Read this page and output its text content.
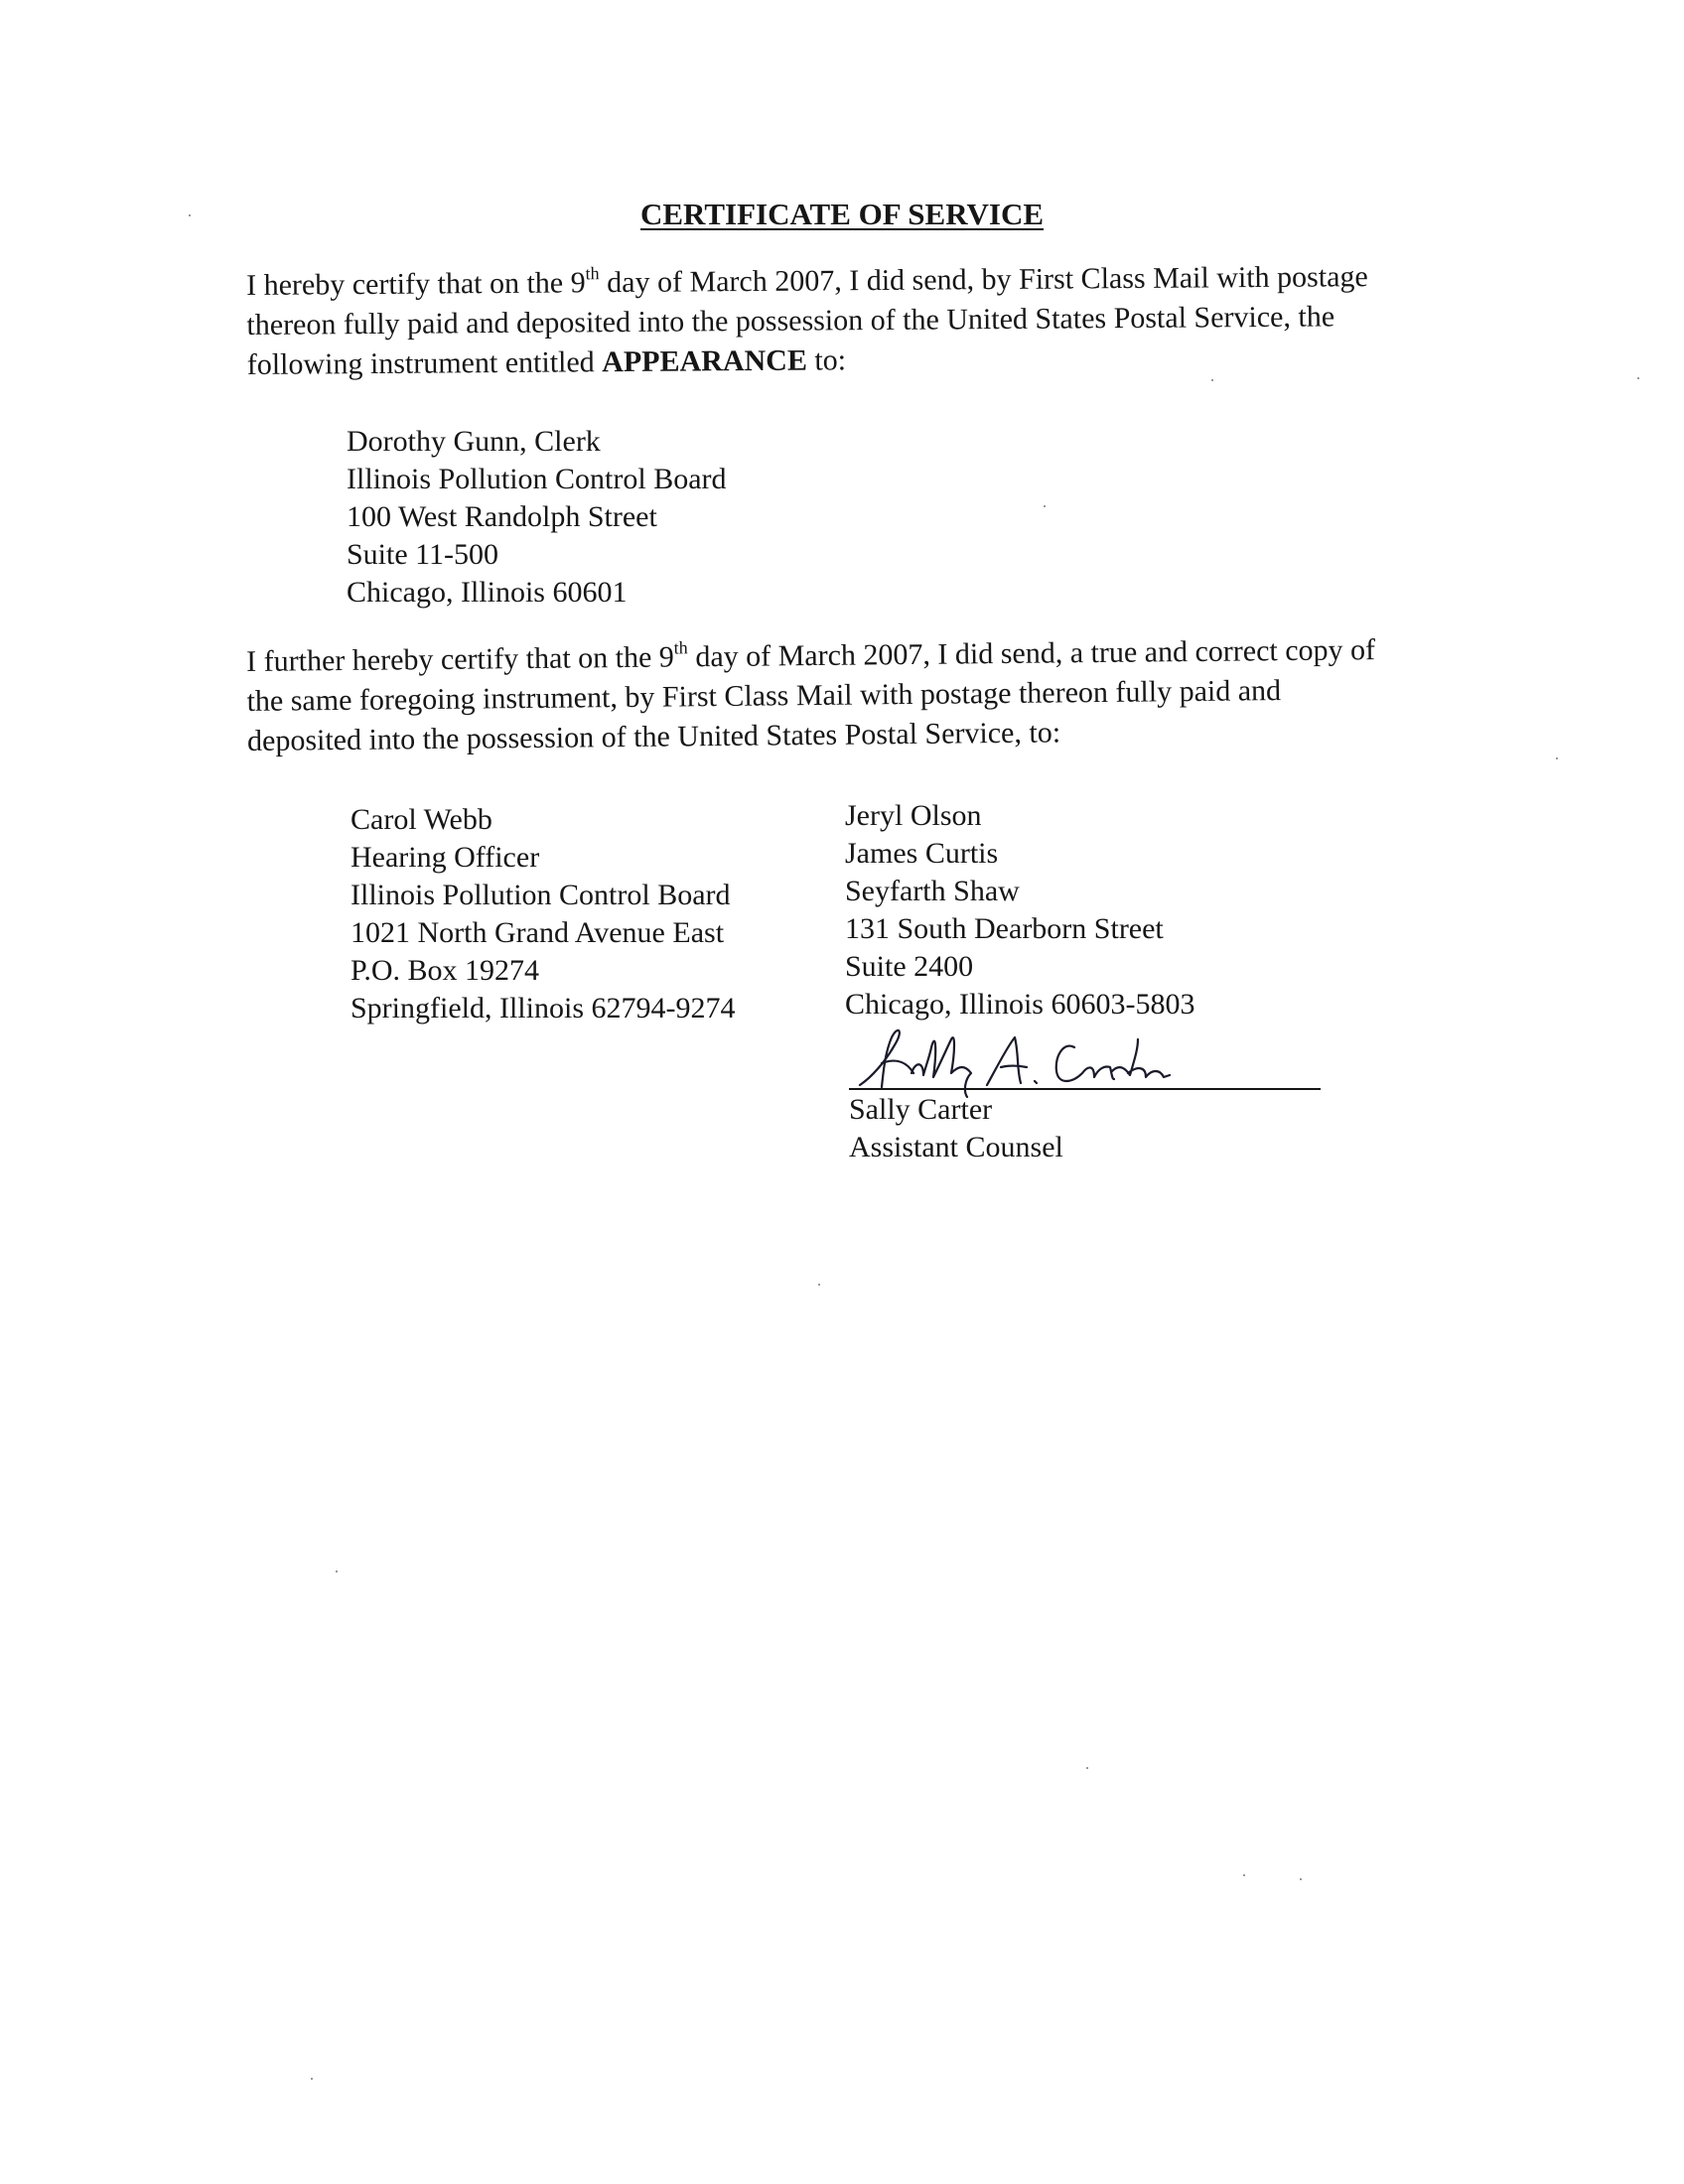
CERTIFICATE OF SERVICE

I hereby certify that on the 9th day of March 2007, I did send, by First Class Mail with postage thereon fully paid and deposited into the possession of the United States Postal Service, the following instrument entitled APPEARANCE to:

Dorothy Gunn, Clerk
Illinois Pollution Control Board
100 West Randolph Street
Suite 11-500
Chicago, Illinois 60601

I further hereby certify that on the 9th day of March 2007, I did send, a true and correct copy of the same foregoing instrument, by First Class Mail with postage thereon fully paid and deposited into the possession of the United States Postal Service, to:

Carol Webb
Hearing Officer
Illinois Pollution Control Board
1021 North Grand Avenue East
P.O. Box 19274
Springfield, Illinois 62794-9274
Jeryl Olson
James Curtis
Seyfarth Shaw
131 South Dearborn Street
Suite 2400
Chicago, Illinois 60603-5803
Sally Carter
Assistant Counsel
